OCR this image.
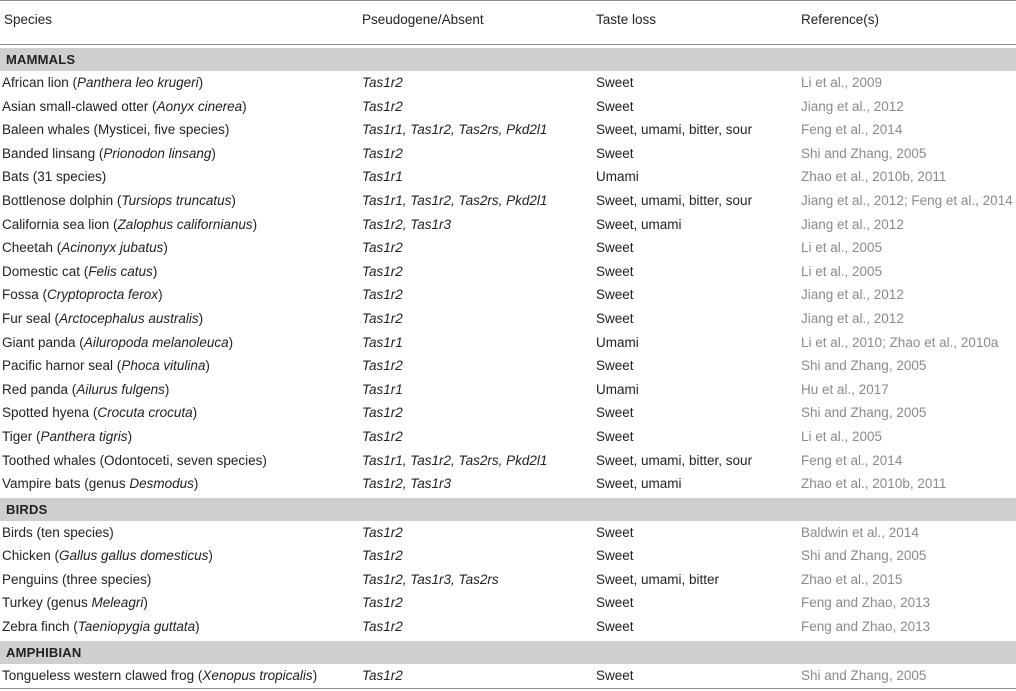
Species	Pseudogene/Absent	Taste loss	Reference(s)
MAMMALS
African lion (Panthera leo krugeri)	Tas1r2	Sweet	Li et al., 2009
Asian small-clawed otter (Aonyx cinerea)	Tas1r2	Sweet	Jiang et al., 2012
Baleen whales (Mysticei, five species)	Tas1r1, Tas1r2, Tas2rs, Pkd2l1	Sweet, umami, bitter, sour	Feng et al., 2014
Banded linsang (Prionodon linsang)	Tas1r2	Sweet	Shi and Zhang, 2005
Bats (31 species)	Tas1r1	Umami	Zhao et al., 2010b, 2011
Bottlenose dolphin (Tursiops truncatus)	Tas1r1, Tas1r2, Tas2rs, Pkd2l1	Sweet, umami, bitter, sour	Jiang et al., 2012; Feng et al., 2014
California sea lion (Zalophus californianus)	Tas1r2, Tas1r3	Sweet, umami	Jiang et al., 2012
Cheetah (Acinonyx jubatus)	Tas1r2	Sweet	Li et al., 2005
Domestic cat (Felis catus)	Tas1r2	Sweet	Li et al., 2005
Fossa (Cryptoprocta ferox)	Tas1r2	Sweet	Jiang et al., 2012
Fur seal (Arctocephalus australis)	Tas1r2	Sweet	Jiang et al., 2012
Giant panda (Ailuropoda melanoleuca)	Tas1r1	Umami	Li et al., 2010; Zhao et al., 2010a
Pacific harnor seal (Phoca vitulina)	Tas1r2	Sweet	Shi and Zhang, 2005
Red panda (Ailurus fulgens)	Tas1r1	Umami	Hu et al., 2017
Spotted hyena (Crocuta crocuta)	Tas1r2	Sweet	Shi and Zhang, 2005
Tiger (Panthera tigris)	Tas1r2	Sweet	Li et al., 2005
Toothed whales (Odontoceti, seven species)	Tas1r1, Tas1r2, Tas2rs, Pkd2l1	Sweet, umami, bitter, sour	Feng et al., 2014
Vampire bats (genus Desmodus)	Tas1r2, Tas1r3	Sweet, umami	Zhao et al., 2010b, 2011
BIRDS
Birds (ten species)	Tas1r2	Sweet	Baldwin et al., 2014
Chicken (Gallus gallus domesticus)	Tas1r2	Sweet	Shi and Zhang, 2005
Penguins (three species)	Tas1r2, Tas1r3, Tas2rs	Sweet, umami, bitter	Zhao et al., 2015
Turkey (genus Meleagri)	Tas1r2	Sweet	Feng and Zhao, 2013
Zebra finch (Taeniopygia guttata)	Tas1r2	Sweet	Feng and Zhao, 2013
AMPHIBIAN
Tongueless western clawed frog (Xenopus tropicalis)	Tas1r2	Sweet	Shi and Zhang, 2005
